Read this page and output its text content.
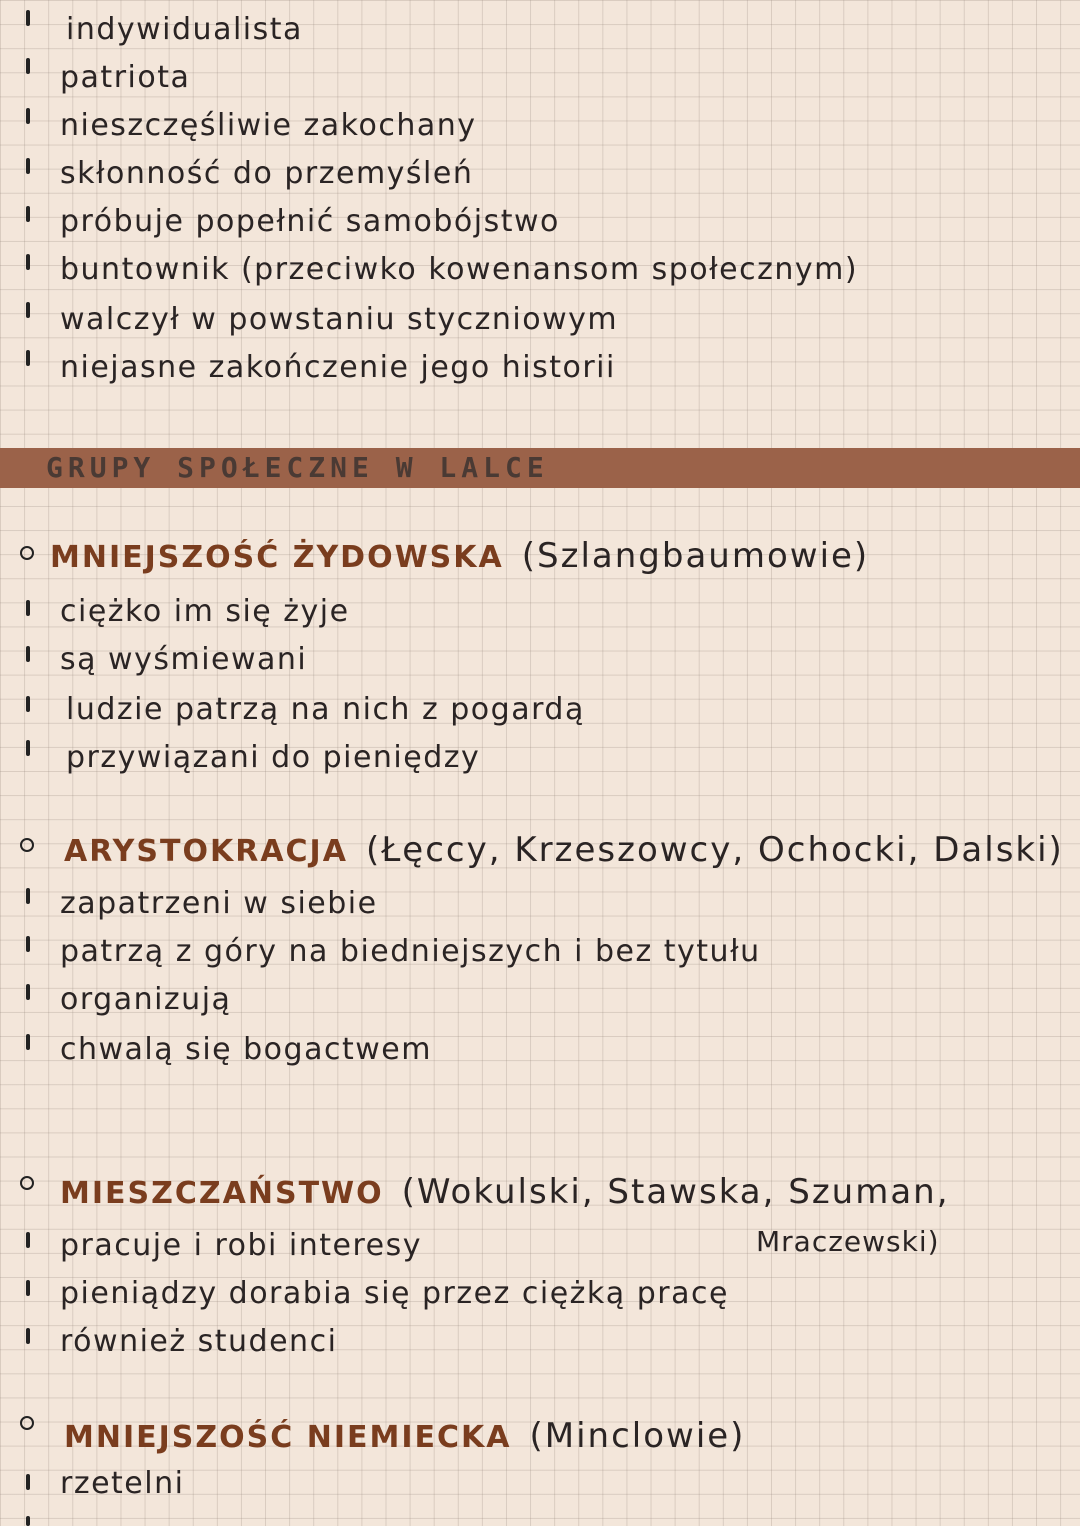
indywidualista
patriota
nieszczęśliwie zakochany
skłonność do przemyśleń
próbuje popełnić samobójstwo
buntownik (przeciwko kowenansom społecznym)
walczył w powstaniu styczniowym
niejasne zakończenie jego historii
GRUPY SPOŁECZNE W LALCE
MNIEJSZOŚĆ ŻYDOWSKA (Szlangbaumowie)
ciężko im się żyje
są wyśmiewani
ludzie patrzą na nich z pogardą
przywiązani do pieniędzy
ARYSTOKRACJA (Łęccy, Krzeszowcy, Ochocki, Dalski)
zapatrzeni w siebie
patrzą z góry na biedniejszych i bez tytułu
organizują
chwalą się bogactwem
MIESZCZAŃSTWO (Wokulski, Stawska, Szuman,
Mraczewski)
pracuje i robi interesy
pieniądzy dorabia się przez ciężką pracę
również studenci
MNIEJSZOŚĆ NIEMIECKA (Minclowie)
rzetelni
